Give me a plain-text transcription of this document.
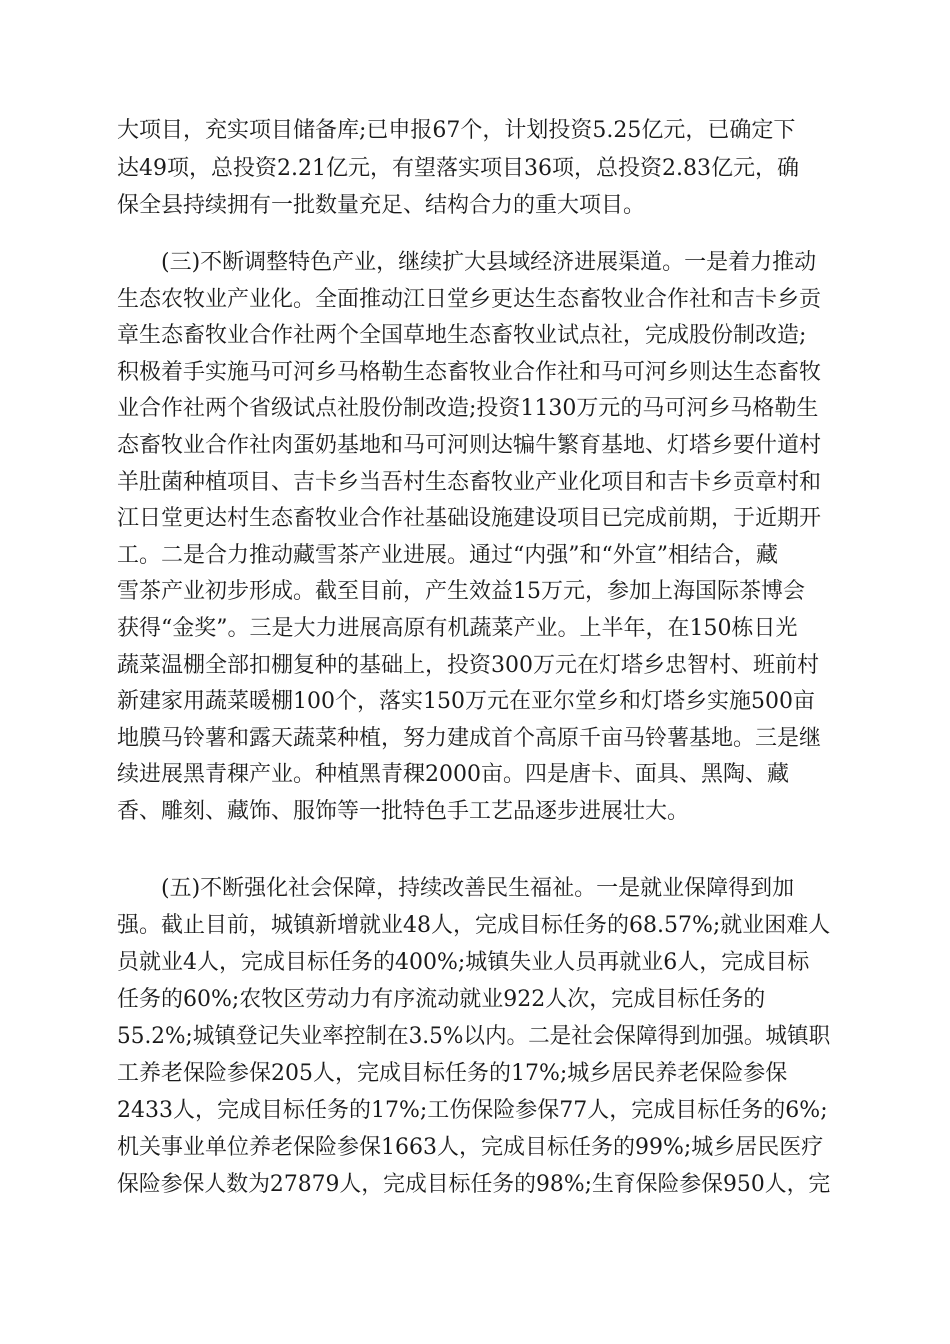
大项目，充实项目储备库;已申报67个，计划投资5.25亿元，已确定下
达49项，总投资2.21亿元，有望落实项目36项，总投资2.83亿元，确
保全县持续拥有一批数量充足、结构合力的重大项目。
(三)不断调整特色产业，继续扩大县域经济进展渠道。一是着力推动
生态农牧业产业化。全面推动江日堂乡更达生态畜牧业合作社和吉卡乡贡
章生态畜牧业合作社两个全国草地生态畜牧业试点社，完成股份制改造;
积极着手实施马可河乡马格勒生态畜牧业合作社和马可河乡则达生态畜牧
业合作社两个省级试点社股份制改造;投资1130万元的马可河乡马格勒生
态畜牧业合作社肉蛋奶基地和马可河则达犏牛繁育基地、灯塔乡要什道村
羊肚菌种植项目、吉卡乡当吾村生态畜牧业产业化项目和吉卡乡贡章村和
江日堂更达村生态畜牧业合作社基础设施建设项目已完成前期，于近期开
工。二是合力推动藏雪茶产业进展。通过“内强”和“外宣”相结合，藏
雪茶产业初步形成。截至目前，产生效益15万元，参加上海国际茶博会
获得“金奖”。三是大力进展高原有机蔬菜产业。上半年，在150栋日光
蔬菜温棚全部扣棚复种的基础上，投资300万元在灯塔乡忠智村、班前村
新建家用蔬菜暖棚100个，落实150万元在亚尔堂乡和灯塔乡实施500亩
地膜马铃薯和露天蔬菜种植，努力建成首个高原千亩马铃薯基地。三是继
续进展黑青稞产业。种植黑青稞2000亩。四是唐卡、面具、黑陶、藏
香、雕刻、藏饰、服饰等一批特色手工艺品逐步进展壮大。
(五)不断强化社会保障，持续改善民生福祉。一是就业保障得到加
强。截止目前，城镇新增就业48人，完成目标任务的68.57%;就业困难人
员就业4人，完成目标任务的400%;城镇失业人员再就业6人，完成目标
任务的60%;农牧区劳动力有序流动就业922人次，完成目标任务的
55.2%;城镇登记失业率控制在3.5%以内。二是社会保障得到加强。城镇职
工养老保险参保205人，完成目标任务的17%;城乡居民养老保险参保
2433人，完成目标任务的17%;工伤保险参保77人，完成目标任务的6%;
机关事业单位养老保险参保1663人，完成目标任务的99%;城乡居民医疗
保险参保人数为27879人，完成目标任务的98%;生育保险参保950人，完
